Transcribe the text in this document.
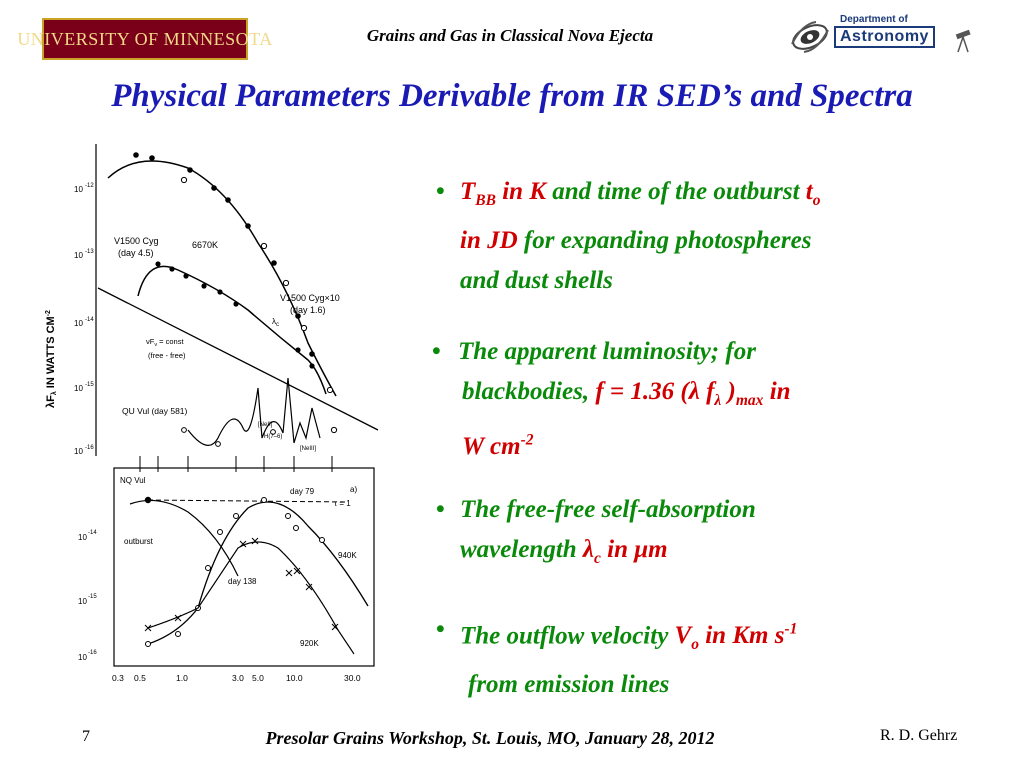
UNIVERSITY OF MINNESOTA	Grains and Gas in Classical Nova Ejecta
Department of
Astronomy
Physical Parameters Derivable from IR SED’s and Spectra
10 -12
10 -13
10 -14
10 -15
10 -16
λFλ IN WATTS $CM^{-2}$
V1500 Cyg
(day 4.5)
6670K
V1500 Cyg×10
(day 1.6)
$\lambda_c$
$\nu F_\nu$ = const
(free - free)
QU Vul (day 581)
[NeII]
H(7–6)
[NeIII]
NQ Vul
day 79
τ = 1
a)
outburst
day 138
940K
920K
10 -14
10 -15
10 -16
0.3 0.5	1.0	3.0 5.0	10.0	30.0
• $T_{BB}$ in K and time of the outburst $t_o$
in JD for expanding photospheres
and dust shells
• The apparent luminosity; for
blackbodies, f = 1.36 (λ $f_\lambda$ )$_{max}$ in
W $cm^{-2}$
• The free-free self-absorption
wavelength $\lambda_c$ in μm
• The outflow velocity $V_o$ in Km $s^{-1}$
from emission lines
7	Presolar Grains Workshop, St. Louis, MO, January 28, 2012	R. D. Gehrz
